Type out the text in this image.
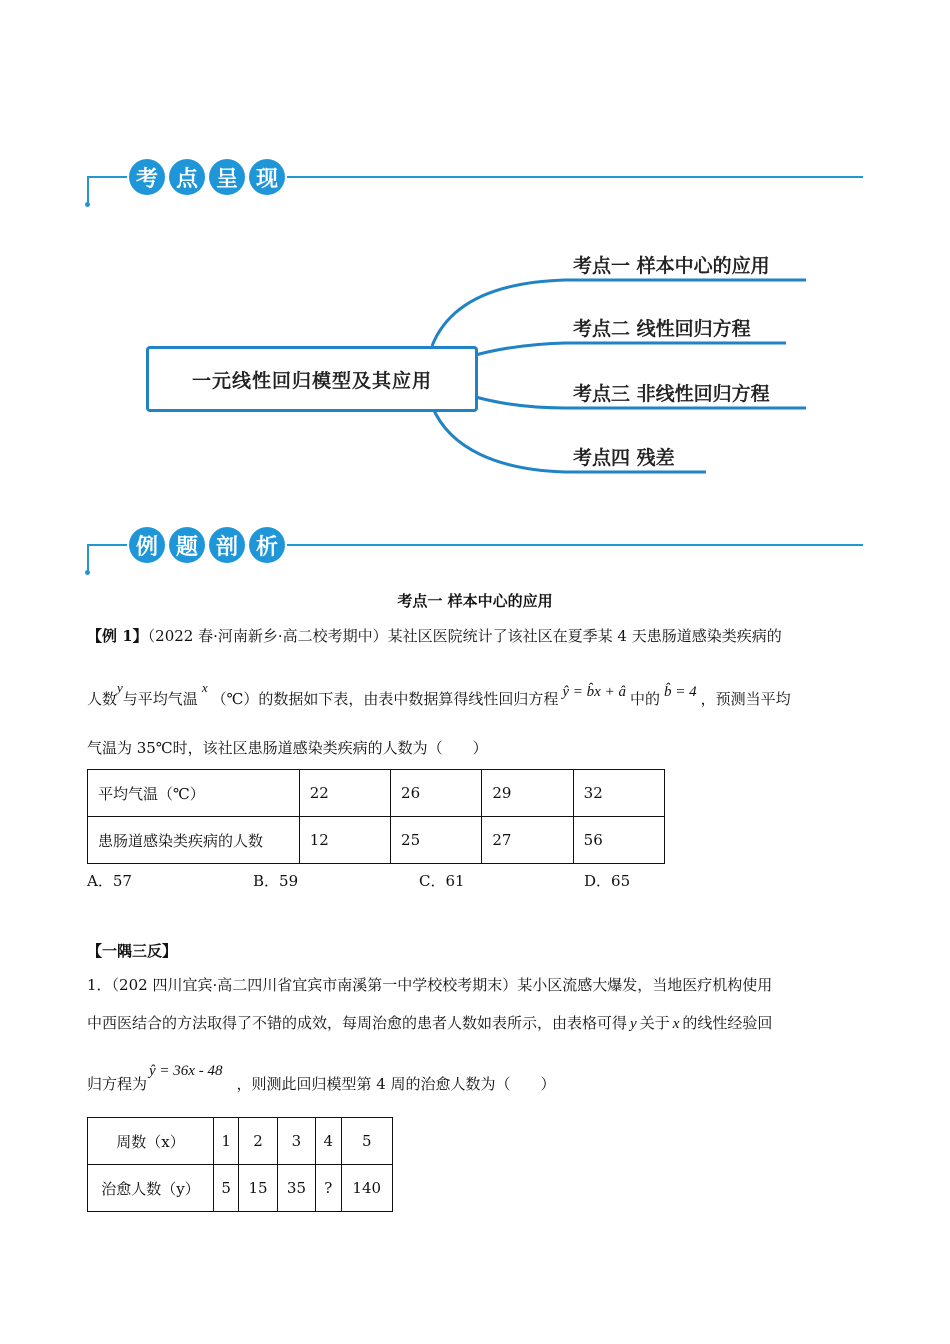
考 点 呈 现
一元线性回归模型及其应用
考点一 样本中心的应用
考点二 线性回归方程
考点三 非线性回归方程
考点四 残差
例 题 剖 析
考点一 样本中心的应用
【例 1】（2022 春·河南新乡·高二校考期中）某社区医院统计了该社区在夏季某 4 天患肠道感染类疾病的
人数$^y$与平均气温$^x$（℃）的数据如下表，由表中数据算得线性回归方程 ŷ = b̂x + â 中的 b̂ = 4 ，预测当平均
气温为 35℃时，该社区患肠道感染类疾病的人数为（　　）
平均气温（℃）	22	26	29	32
患肠道感染类疾病的人数	12	25	27	56
A．57	B．59	C．61	D．65
【一隅三反】
1．（202 四川宜宾·高二四川省宜宾市南溪第一中学校校考期末）某小区流感大爆发，当地医疗机构使用
中西医结合的方法取得了不错的成效，每周治愈的患者人数如表所示，由表格可得 y 关于 x 的线性经验回
归方程为ŷ = 36x - 48，则测此回归模型第 4 周的治愈人数为（　　）
周数（x）	1	2	3	4	5
治愈人数（y）	5	15	35	?	140
